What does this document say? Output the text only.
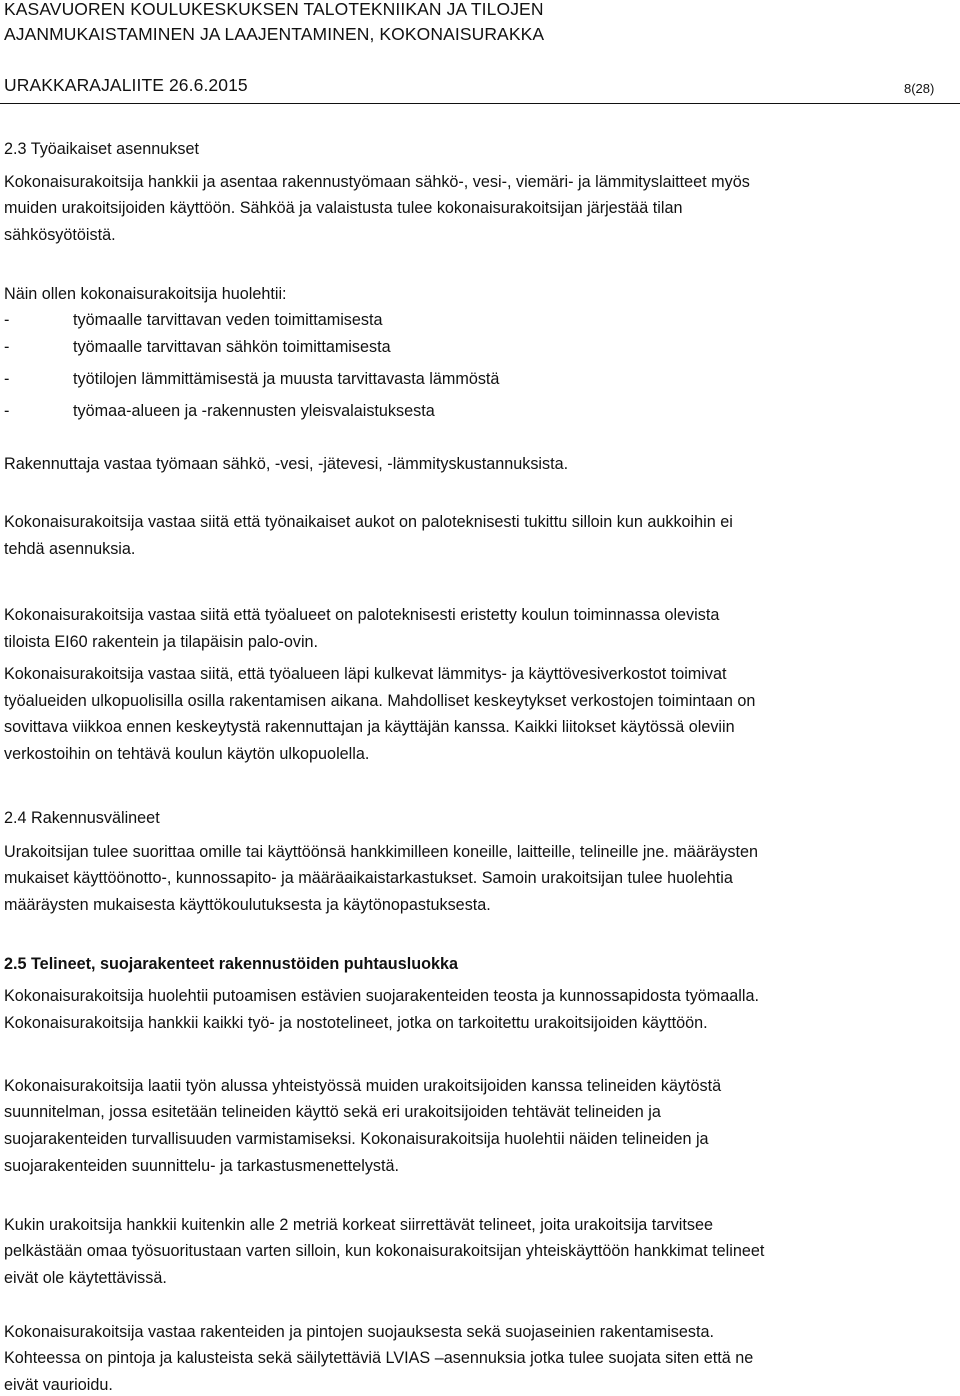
KASAVUOREN KOULUKESKUKSEN TALOTEKNIIKAN JA TILOJEN
AJANMUKAISTAMINEN JA LAAJENTAMINEN, KOKONAISURAKKA
URAKKARAJALIITE 26.6.2015	8(28)
2.3 Työaikaiset asennukset
Kokonaisurakoitsija hankkii ja asentaa rakennustyömaan sähkö-, vesi-, viemäri- ja lämmityslaitteet myös
muiden urakoitsijoiden käyttöön. Sähköä ja valaistusta tulee kokonaisurakoitsijan järjestää tilan
sähkösyötöistä.
Näin ollen kokonaisurakoitsija huolehtii:
-	työmaalle tarvittavan veden toimittamisesta
-	työmaalle tarvittavan sähkön toimittamisesta
-	työtilojen lämmittämisestä ja muusta tarvittavasta lämmöstä
-	työmaa-alueen ja -rakennusten yleisvalaistuksesta
Rakennuttaja vastaa työmaan sähkö, -vesi, -jätevesi, -lämmityskustannuksista.
Kokonaisurakoitsija vastaa siitä että työnaikaiset aukot on paloteknisesti tukittu silloin kun aukkoihin ei
tehdä asennuksia.
Kokonaisurakoitsija vastaa siitä että työalueet on paloteknisesti eristetty koulun toiminnassa olevista
tiloista EI60 rakentein ja tilapäisin palo-ovin.
Kokonaisurakoitsija vastaa siitä, että työalueen läpi kulkevat lämmitys- ja käyttövesiverkostot toimivat
työalueiden ulkopuolisilla osilla rakentamisen aikana. Mahdolliset keskeytykset verkostojen toimintaan on
sovittava viikkoa ennen keskeytystä rakennuttajan ja käyttäjän kanssa. Kaikki liitokset käytössä oleviin
verkostoihin on tehtävä koulun käytön ulkopuolella.
2.4 Rakennusvälineet
Urakoitsijan tulee suorittaa omille tai käyttöönsä hankkimilleen koneille, laitteille, telineille jne. määräysten
mukaiset käyttöönotto-, kunnossapito- ja määräaikaistarkastukset. Samoin urakoitsijan tulee huolehtia
määräysten mukaisesta käyttökoulutuksesta ja käytönopastuksesta.
2.5 Telineet, suojarakenteet rakennustöiden puhtausluokka
Kokonaisurakoitsija huolehtii putoamisen estävien suojarakenteiden teosta ja kunnossapidosta työmaalla.
Kokonaisurakoitsija hankkii kaikki työ- ja nostotelineet, jotka on tarkoitettu urakoitsijoiden käyttöön.
Kokonaisurakoitsija laatii työn alussa yhteistyössä muiden urakoitsijoiden kanssa telineiden käytöstä
suunnitelman, jossa esitetään telineiden käyttö sekä eri urakoitsijoiden tehtävät telineiden ja
suojarakenteiden turvallisuuden varmistamiseksi. Kokonaisurakoitsija huolehtii näiden telineiden ja
suojarakenteiden suunnittelu- ja tarkastusmenettelystä.
Kukin urakoitsija hankkii kuitenkin alle 2 metriä korkeat siirrettävät telineet, joita urakoitsija tarvitsee
pelkästään omaa työsuoritustaan varten silloin, kun kokonaisurakoitsijan yhteiskäyttöön hankkimat telineet
eivät ole käytettävissä.
Kokonaisurakoitsija vastaa rakenteiden ja pintojen suojauksesta sekä suojaseinien rakentamisesta.
Kohteessa on pintoja ja kalusteista sekä säilytettäviä LVIAS –asennuksia jotka tulee suojata siten että ne
eivät vaurioidu.
